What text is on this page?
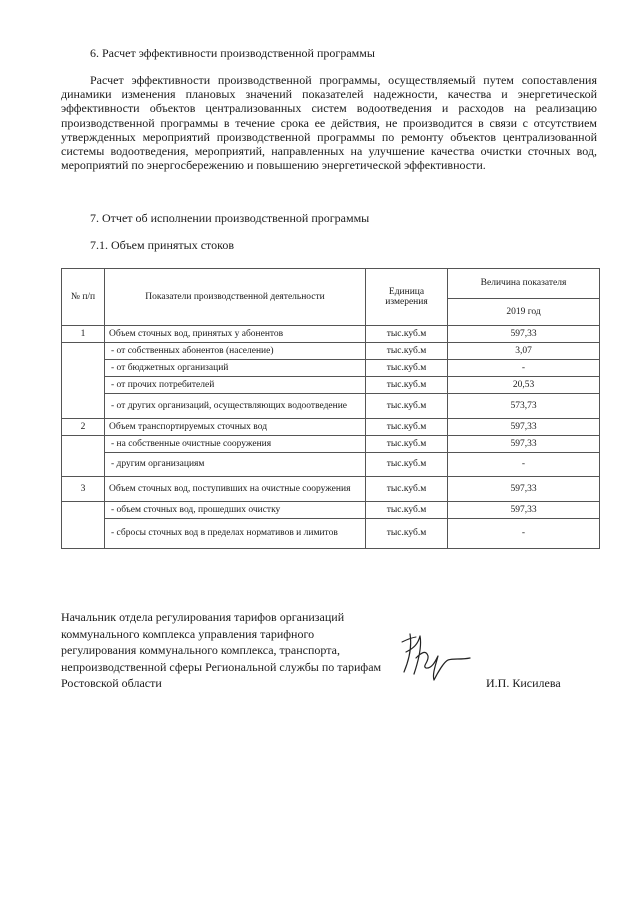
6. Расчет эффективности производственной программы
Расчет эффективности производственной программы, осуществляемый путем сопоставления динамики изменения плановых значений показателей надежности, качества и энергетической эффективности объектов централизованных систем водоотведения и расходов на реализацию производственной программы в течение срока ее действия, не производится в связи с отсутствием утвержденных мероприятий производственной программы по ремонту объектов централизованной системы водоотведения, мероприятий, направленных на улучшение качества очистки сточных вод, мероприятий по энергосбережению и повышению энергетической эффективности.
7. Отчет об исполнении производственной программы
7.1. Объем принятых стоков
№ п/п	Показатели производственной деятельности	Единица измерения	Величина показателя
			2019 год
1	Объем сточных вод, принятых у абонентов	тыс.куб.м	597,33
	- от собственных абонентов (население)	тыс.куб.м	3,07
	- от бюджетных организаций	тыс.куб.м	-
	- от прочих потребителей	тыс.куб.м	20,53
	- от других организаций, осуществляющих водоотведение	тыс.куб.м	573,73
2	Объем транспортируемых сточных вод	тыс.куб.м	597,33
	- на собственные очистные сооружения	тыс.куб.м	597,33
	- другим организациям	тыс.куб.м	-
3	Объем сточных вод, поступивших на очистные сооружения	тыс.куб.м	597,33
	- объем сточных вод, прошедших очистку	тыс.куб.м	597,33
	- сбросы сточных вод в пределах нормативов и лимитов	тыс.куб.м	-
Начальник отдела регулирования тарифов организаций коммунального комплекса управления тарифного регулирования коммунального комплекса, транспорта, непроизводственной сферы Региональной службы по тарифам Ростовской области	И.П. Кисилева
